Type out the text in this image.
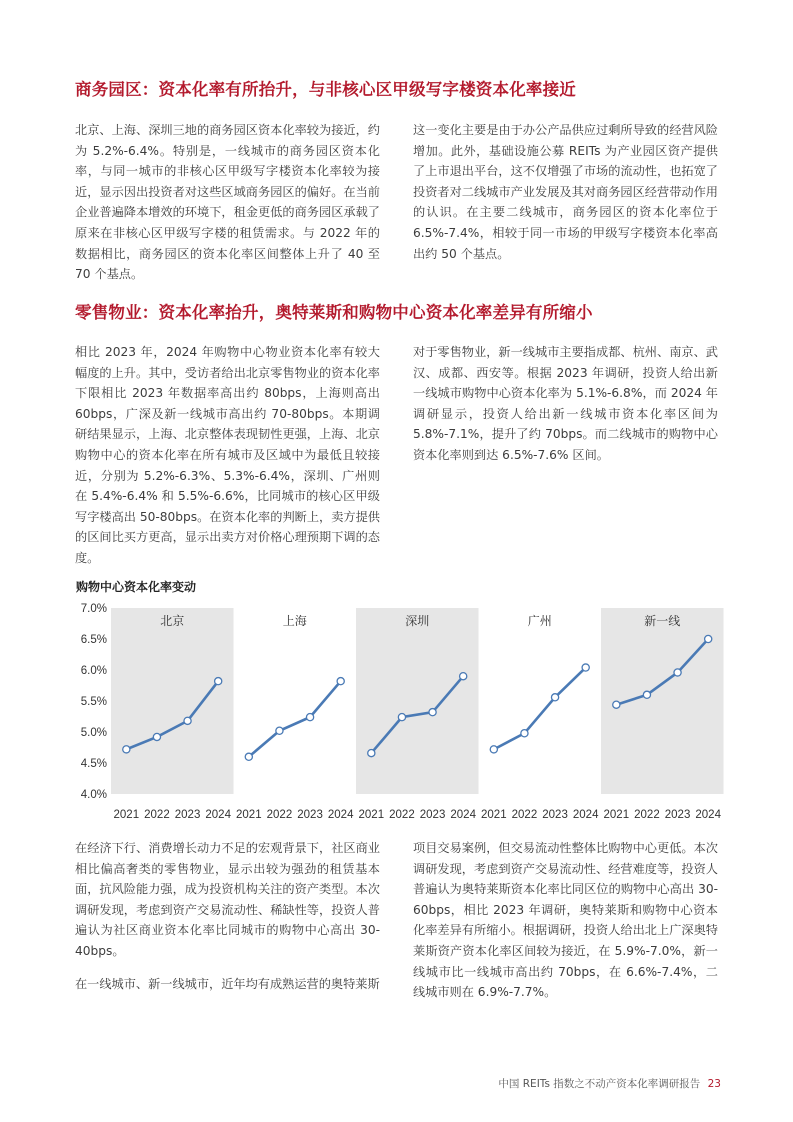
商务园区：资本化率有所抬升，与非核心区甲级写字楼资本化率接近

北京、上海、深圳三地的商务园区资本化率较为接近，约为 5.2%-6.4%。特别是，一线城市的商务园区资本化率，与同一城市的非核心区甲级写字楼资本化率较为接近，显示因出投资者对这些区域商务园区的偏好。在当前企业普遍降本增效的环境下，租金更低的商务园区承载了原来在非核心区甲级写字楼的租赁需求。与 2022 年的数据相比，商务园区的资本化率区间整体上升了 40 至 70 个基点。

这一变化主要是由于办公产品供应过剩所导致的经营风险增加。此外，基础设施公募 REITs 为产业园区资产提供了上市退出平台，这不仅增强了市场的流动性，也拓宽了投资者对二线城市产业发展及其对商务园区经营带动作用的认识。在主要二线城市，商务园区的资本化率位于 6.5%-7.4%，相较于同一市场的甲级写字楼资本化率高出约 50 个基点。

零售物业：资本化率抬升，奥特莱斯和购物中心资本化率差异有所缩小

相比 2023 年，2024 年购物中心物业资本化率有较大幅度的上升。其中，受访者给出北京零售物业的资本化率下限相比 2023 年数据率高出约 80bps，上海则高出 60bps，广深及新一线城市高出约 70-80bps。本期调研结果显示，上海、北京整体表现韧性更强，上海、北京购物中心的资本化率在所有城市及区域中为最低且较接近，分别为 5.2%-6.3%、5.3%-6.4%，深圳、广州则在 5.4%-6.4% 和 5.5%-6.6%，比同城市的核心区甲级写字楼高出 50-80bps。在资本化率的判断上，卖方提供的区间比买方更高，显示出卖方对价格心理预期下调的态度。

对于零售物业，新一线城市主要指成都、杭州、南京、武汉、成都、西安等。根据 2023 年调研，投资人给出新一线城市购物中心资本化率为 5.1%-6.8%，而 2024 年调研显示，投资人给出新一线城市资本化率区间为 5.8%-7.1%，提升了约 70bps。而二线城市的购物中心资本化率则到达 6.5%-7.6% 区间。

购物中心资本化率变动
7.0%
6.5%
6.0%
5.5%
5.0%
4.5%
4.0%
北京
2021 2022 2023 2024
上海
2021 2022 2023 2024
深圳
2021 2022 2023 2024
广州
2021 2022 2023 2024
新一线
2021 2022 2023 2024

在经济下行、消费增长动力不足的宏观背景下，社区商业相比偏高奢类的零售物业，显示出较为强劲的租赁基本面，抗风险能力强，成为投资机构关注的资产类型。本次调研发现，考虑到资产交易流动性、稀缺性等，投资人普遍认为社区商业资本化率比同城市的购物中心高出 30-40bps。

在一线城市、新一线城市，近年均有成熟运营的奥特莱斯

项目交易案例，但交易流动性整体比购物中心更低。本次调研发现，考虑到资产交易流动性、经营难度等，投资人普遍认为奥特莱斯资本化率比同区位的购物中心高出 30-60bps，相比 2023 年调研，奥特莱斯和购物中心资本化率差异有所缩小。根据调研，投资人给出北上广深奥特莱斯资产资本化率区间较为接近，在 5.9%-7.0%，新一线城市比一线城市高出约 70bps，在 6.6%-7.4%，二线城市则在 6.9%-7.7%。

中国 REITs 指数之不动产资本化率调研报告 23
